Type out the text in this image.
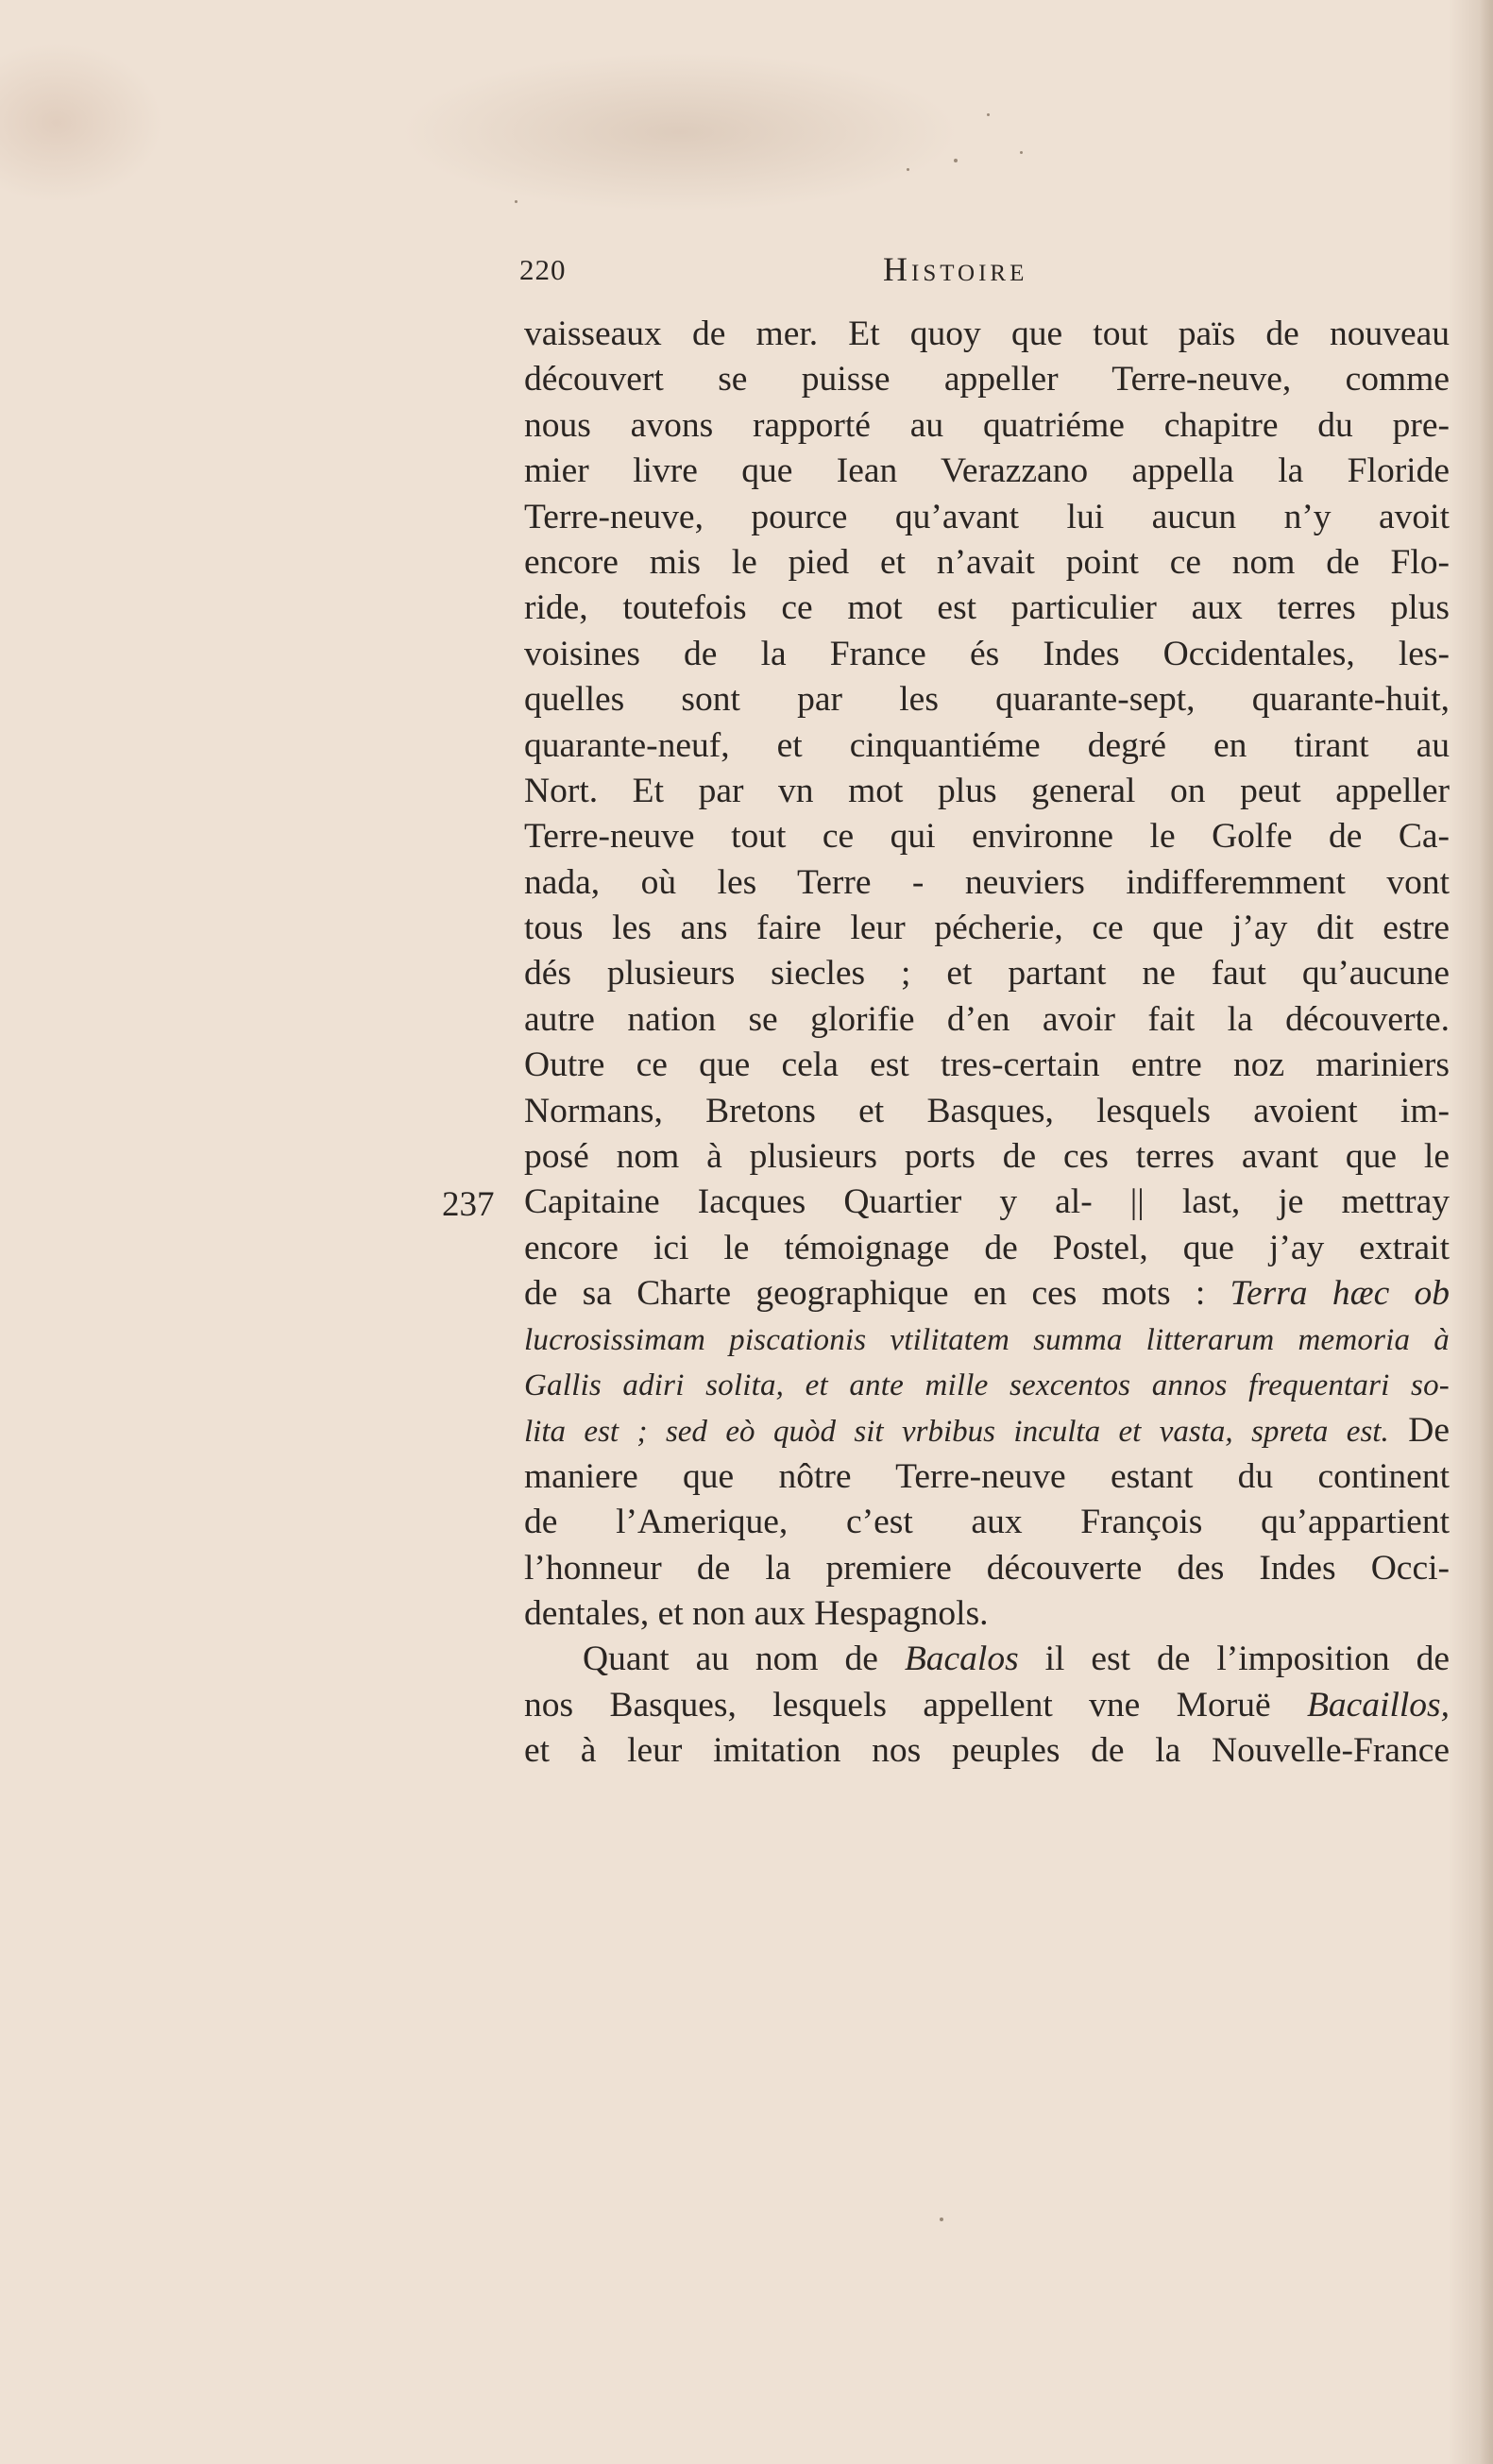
220	Histoire
237
vaisseaux de mer. Et quoy que tout païs de nouveau
découvert se puisse appeller Terre-neuve, comme
nous avons rapporté au quatriéme chapitre du pre-
mier livre que Iean Verazzano appella la Floride
Terre-neuve, pource qu’avant lui aucun n’y avoit
encore mis le pied et n’avait point ce nom de Flo-
ride, toutefois ce mot est particulier aux terres plus
voisines de la France és Indes Occidentales, les-
quelles sont par les quarante-sept, quarante-huit,
quarante-neuf, et cinquantiéme degré en tirant au
Nort. Et par vn mot plus general on peut appeller
Terre-neuve tout ce qui environne le Golfe de Ca-
nada, où les Terre - neuviers indifferemment vont
tous les ans faire leur pécherie, ce que j’ay dit estre
dés plusieurs siecles ; et partant ne faut qu’aucune
autre nation se glorifie d’en avoir fait la découverte.
Outre ce que cela est tres-certain entre noz mariniers
Normans, Bretons et Basques, lesquels avoient im-
posé nom à plusieurs ports de ces terres avant que le
Capitaine Iacques Quartier y al- || last, je mettray
encore ici le témoignage de Postel, que j’ay extrait
de sa Charte geographique en ces mots : Terra hæc ob
lucrosissimam piscationis vtilitatem summa litterarum memoria à
Gallis adiri solita, et ante mille sexcentos annos frequentari so-
lita est ; sed eò quòd sit vrbibus inculta et vasta, spreta est. De
maniere que nôtre Terre-neuve estant du continent
de l’Amerique, c’est aux François qu’appartient
l’honneur de la premiere découverte des Indes Occi-
dentales, et non aux Hespagnols.
Quant au nom de Bacalos il est de l’imposition de
nos Basques, lesquels appellent vne Moruë Bacaillos,
et à leur imitation nos peuples de la Nouvelle-France
